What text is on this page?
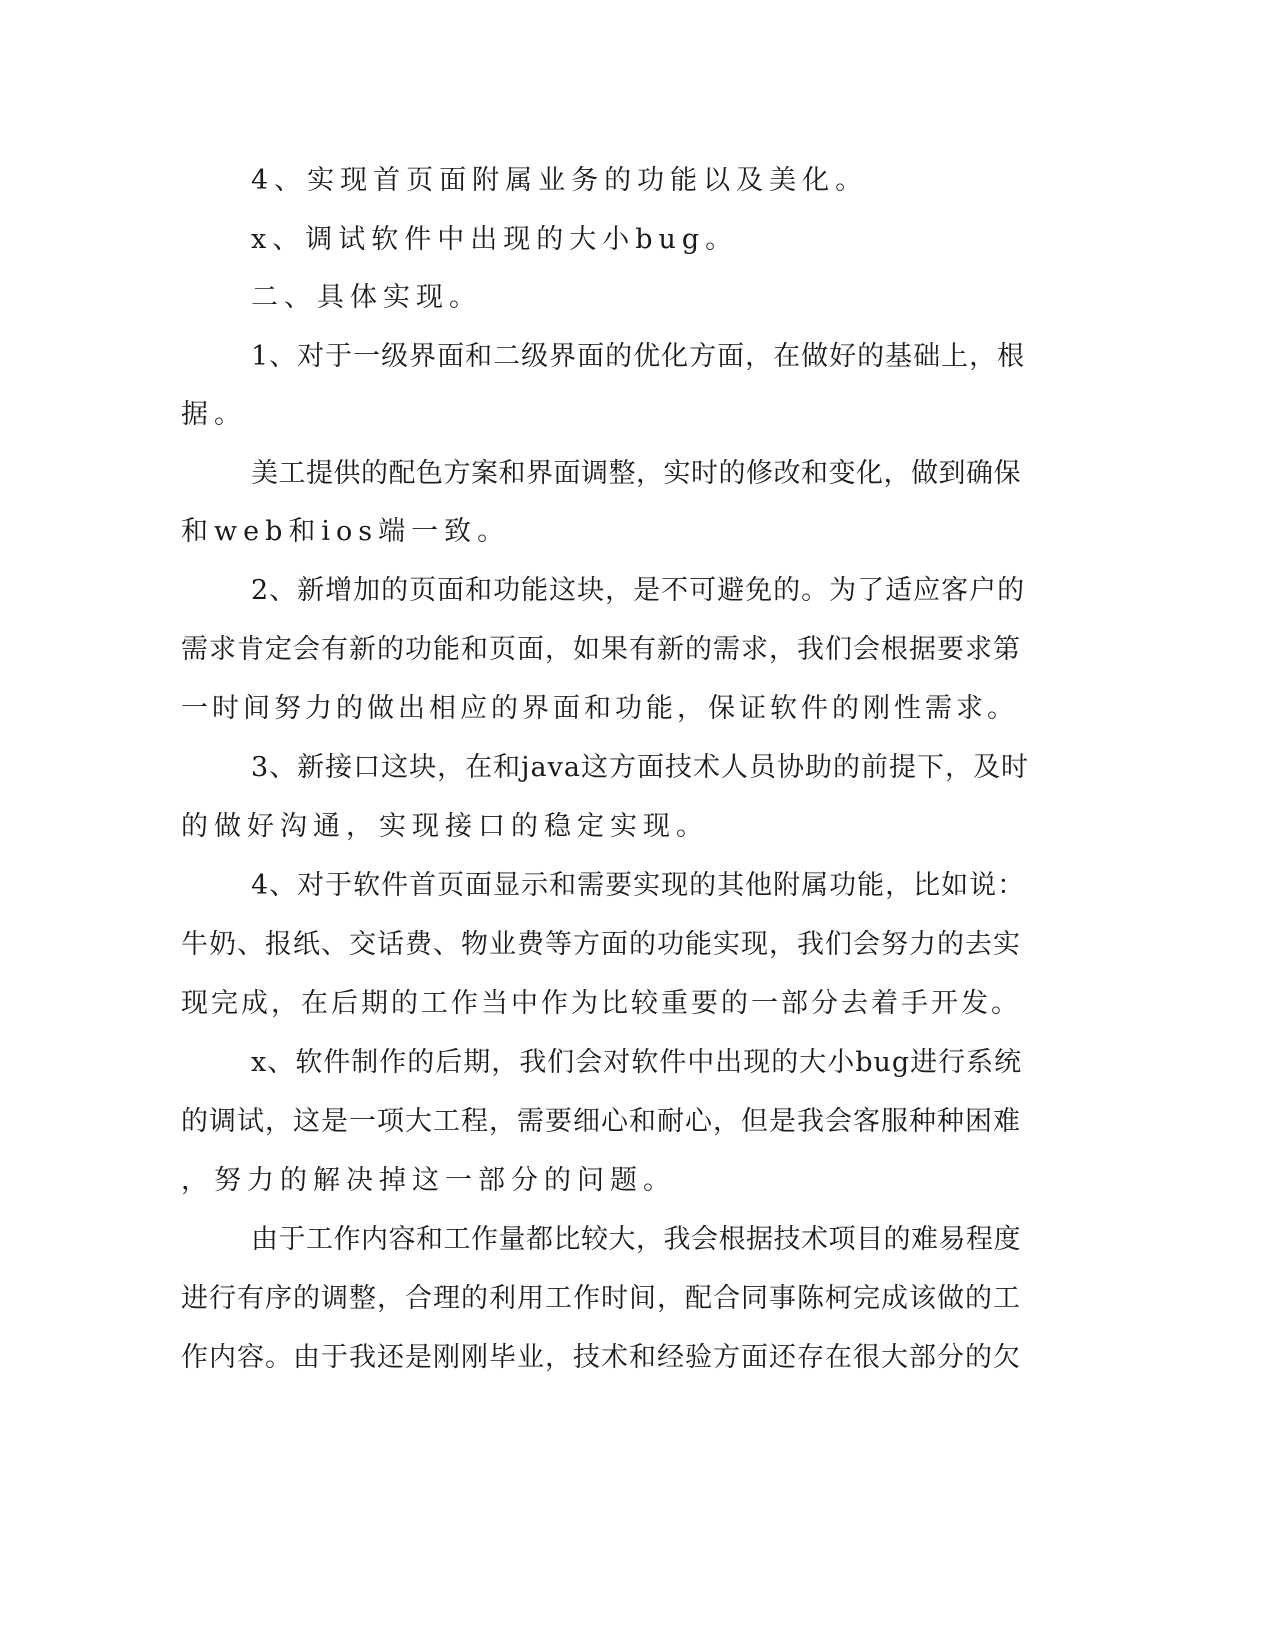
4、实现首页面附属业务的功能以及美化。
x、调试软件中出现的大小bug。
二、具体实现。
1、对于一级界面和二级界面的优化方面，在做好的基础上，根
据。
美工提供的配色方案和界面调整，实时的修改和变化，做到确保
和web和ios端一致。
2、新增加的页面和功能这块，是不可避免的。为了适应客户的
需求肯定会有新的功能和页面，如果有新的需求，我们会根据要求第
一时间努力的做出相应的界面和功能，保证软件的刚性需求。
3、新接口这块，在和java这方面技术人员协助的前提下，及时
的做好沟通，实现接口的稳定实现。
4、对于软件首页面显示和需要实现的其他附属功能，比如说：
牛奶、报纸、交话费、物业费等方面的功能实现，我们会努力的去实
现完成，在后期的工作当中作为比较重要的一部分去着手开发。
x、软件制作的后期，我们会对软件中出现的大小bug进行系统
的调试，这是一项大工程，需要细心和耐心，但是我会客服种种困难
，努力的解决掉这一部分的问题。
由于工作内容和工作量都比较大，我会根据技术项目的难易程度
进行有序的调整，合理的利用工作时间，配合同事陈柯完成该做的工
作内容。由于我还是刚刚毕业，技术和经验方面还存在很大部分的欠
